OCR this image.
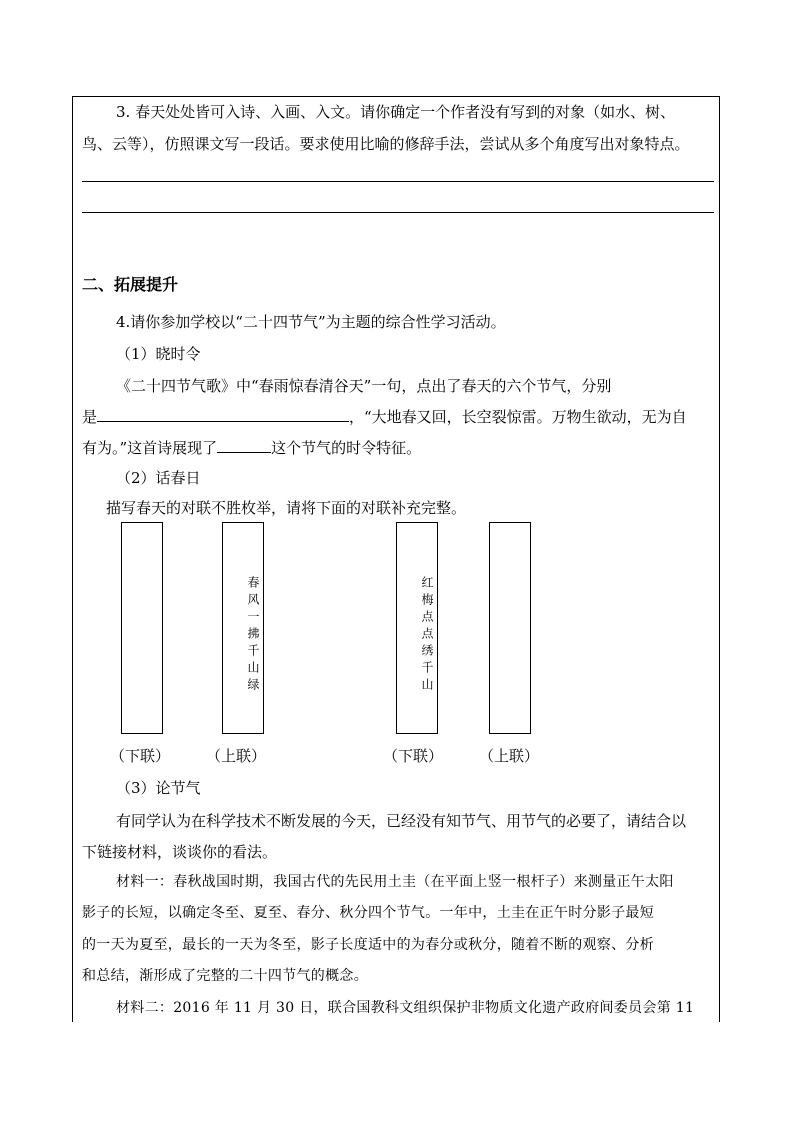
3. 春天处处皆可入诗、入画、入文。请你确定一个作者没有写到的对象（如水、树、
鸟、云等），仿照课文写一段话。要求使用比喻的修辞手法，尝试从多个角度写出对象特点。
二、拓展提升
4.请你参加学校以“二十四节气”为主题的综合性学习活动。
（1）晓时令
《二十四节气歌》中“春雨惊春清谷天”一句，点出了春天的六个节气，分别
是	，“大地春又回，长空裂惊雷。万物生欲动，无为自
有为。”这首诗展现了	这个节气的时令特征。
（2）话春日
描写春天的对联不胜枚举，请将下面的对联补充完整。
春风一拂千山绿	红梅点点绣千山
（下联） （上联）	（下联） （上联）
（3）论节气
有同学认为在科学技术不断发展的今天，已经没有知节气、用节气的必要了，请结合以
下链接材料，谈谈你的看法。
材料一：春秋战国时期，我国古代的先民用土圭（在平面上竖一根杆子）来测量正午太阳
影子的长短，以确定冬至、夏至、春分、秋分四个节气。一年中，土圭在正午时分影子最短
的一天为夏至，最长的一天为冬至，影子长度适中的为春分或秋分，随着不断的观察、分析
和总结，渐形成了完整的二十四节气的概念。
材料二：2016 年 11 月 30 日，联合国教科文组织保护非物质文化遗产政府间委员会第 11
